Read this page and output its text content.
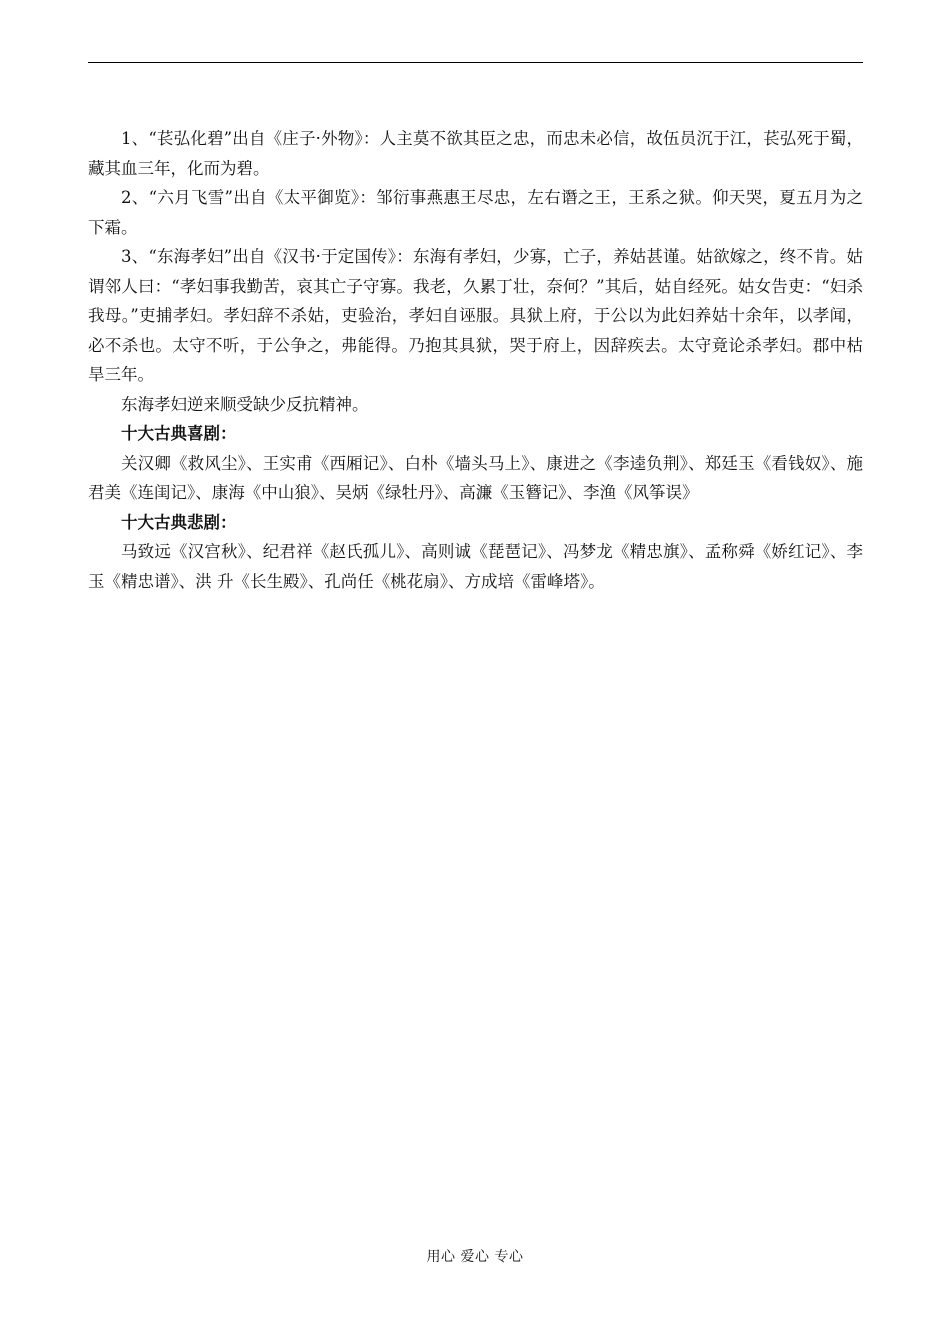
1、“苌弘化碧”出自《庄子·外物》：人主莫不欲其臣之忠，而忠未必信，故伍员沉于江，苌弘死于蜀，藏其血三年，化而为碧。

2、“六月飞雪”出自《太平御览》：邹衍事燕惠王尽忠，左右谮之王，王系之狱。仰天哭，夏五月为之下霜。

3、“东海孝妇”出自《汉书·于定国传》：东海有孝妇，少寡，亡子，养姑甚谨。姑欲嫁之，终不肯。姑谓邻人曰：“孝妇事我勤苦，哀其亡子守寡。我老，久累丁壮，奈何？”其后，姑自经死。姑女告吏：“妇杀我母。”吏捕孝妇。孝妇辞不杀姑，吏验治，孝妇自诬服。具狱上府，于公以为此妇养姑十余年，以孝闻，必不杀也。太守不听，于公争之，弗能得。乃抱其具狱，哭于府上，因辞疾去。太守竟论杀孝妇。郡中枯旱三年。

东海孝妇逆来顺受缺少反抗精神。

十大古典喜剧：

关汉卿《救风尘》、王实甫《西厢记》、白朴《墙头马上》、康进之《李逵负荆》、郑廷玉《看钱奴》、施君美《连闺记》、康海《中山狼》、吴炳《绿牡丹》、高濂《玉簪记》、李渔《风筝误》

十大古典悲剧：

马致远《汉宫秋》、纪君祥《赵氏孤儿》、高则诚《琵琶记》、冯梦龙《精忠旗》、孟称舜《娇红记》、李玉《精忠谱》、洪 升《长生殿》、孔尚任《桃花扇》、方成培《雷峰塔》。

用心 爱心 专心
